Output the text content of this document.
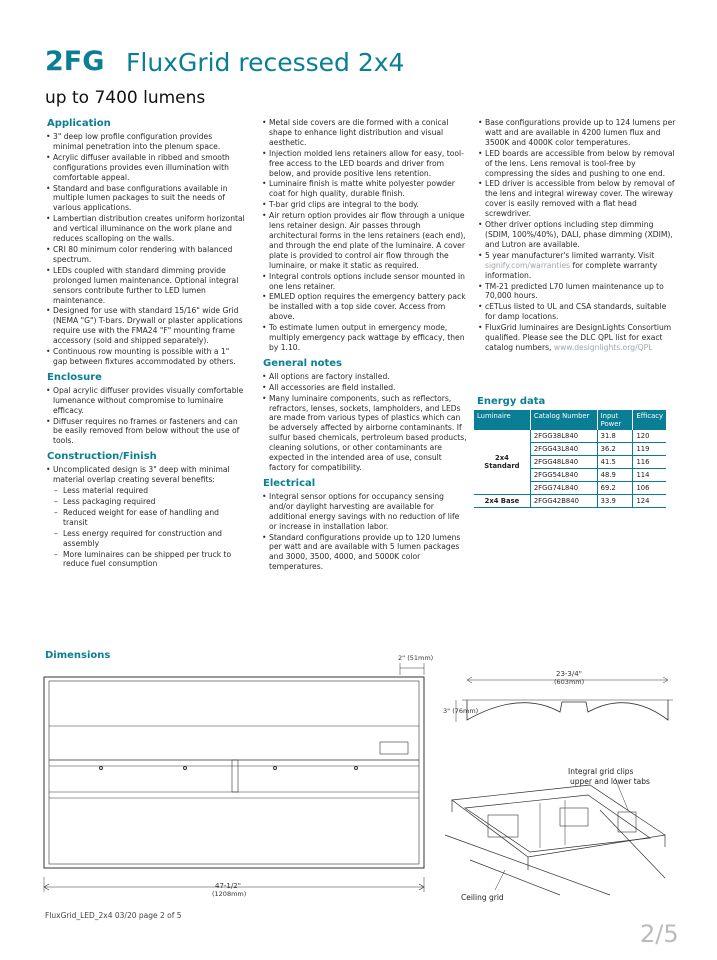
2FG FluxGrid recessed 2x4
up to 7400 lumens
Application
• 3" deep low profile configuration provides minimal penetration into the plenum space.
• Acrylic diffuser available in ribbed and smooth configurations provides even illumination with comfortable appeal.
• Standard and base configurations available in multiple lumen packages to suit the needs of various applications.
• Lambertian distribution creates uniform horizontal and vertical illuminance on the work plane and reduces scalloping on the walls.
• CRI 80 minimum color rendering with balanced spectrum.
• LEDs coupled with standard dimming provide prolonged lumen maintenance. Optional integral sensors contribute further to LED lumen maintenance.
• Designed for use with standard 15/16" wide Grid (NEMA "G") T-bars. Drywall or plaster applications require use with the FMA24 "F" mounting frame accessory (sold and shipped separately).
• Continuous row mounting is possible with a 1" gap between fixtures accommodated by others.
Enclosure
• Opal acrylic diffuser provides visually comfortable lumenance without compromise to luminaire efficacy.
• Diffuser requires no frames or fasteners and can be easily removed from below without the use of tools.
Construction/Finish
• Uncomplicated design is 3" deep with minimal material overlap creating several benefits:
– Less material required
– Less packaging required
– Reduced weight for ease of handling and transit
– Less energy required for construction and assembly
– More luminaires can be shipped per truck to reduce fuel consumption
• Metal side covers are die formed with a conical shape to enhance light distribution and visual aesthetic.
• Injection molded lens retainers allow for easy, tool-free access to the LED boards and driver from below, and provide positive lens retention.
• Luminaire finish is matte white polyester powder coat for high quality, durable finish.
• T-bar grid clips are integral to the body.
• Air return option provides air flow through a unique lens retainer design. Air passes through architectural forms in the lens retainers (each end), and through the end plate of the luminaire. A cover plate is provided to control air flow through the luminaire, or make it static as required.
• Integral controls options include sensor mounted in one lens retainer.
• EMLED option requires the emergency battery pack be installed with a top side cover. Access from above.
• To estimate lumen output in emergency mode, multiply emergency pack wattage by efficacy, then by 1.10.
General notes
• All options are factory installed.
• All accessories are field installed.
• Many luminaire components, such as reflectors, refractors, lenses, sockets, lampholders, and LEDs are made from various types of plastics which can be adversely affected by airborne contaminants. If sulfur based chemicals, pertroleum based products, cleaning solutions, or other contaminants are expected in the intended area of use, consult factory for compatibility.
Electrical
• Integral sensor options for occupancy sensing and/or daylight harvesting are available for additional energy savings with no reduction of life or increase in installation labor.
• Standard configurations provide up to 120 lumens per watt and are available with 5 lumen packages and 3000, 3500, 4000, and 5000K color temperatures.
• Base configurations provide up to 124 lumens per watt and are available in 4200 lumen flux and 3500K and 4000K color temperatures.
• LED boards are accessible from below by removal of the lens. Lens removal is tool-free by compressing the sides and pushing to one end.
• LED driver is accessible from below by removal of the lens and integral wireway cover. The wireway cover is easily removed with a flat head screwdriver.
• Other driver options including step dimming (SDIM, 100%/40%), DALI, phase dimming (XDIM), and Lutron are available.
• 5 year manufacturer's limited warranty. Visit signify.com/warranties for complete warranty information.
• TM-21 predicted L70 lumen maintenance up to 70,000 hours.
• cETLus listed to UL and CSA standards, suitable for damp locations.
• FluxGrid luminaires are DesignLights Consortium qualified. Please see the DLC QPL list for exact catalog numbers, www.designlights.org/QPL
Energy data
Luminaire	Catalog Number	Input Power	Efficacy
2x4 Standard	2FGG38L840	31.8	120
	2FGG43L840	36.2	119
	2FGG48L840	41.5	116
	2FGG54L840	48.9	114
	2FGG74L840	69.2	106
2x4 Base	2FGG42B840	33.9	124
Dimensions
47-1/2"
(1208mm)
2" (51mm)
23-3/4"
(603mm)
3" (76mm)
Integral grid clips
upper and lower tabs
Ceiling grid
FluxGrid_LED_2x4 03/20 page 2 of 5
2/5
